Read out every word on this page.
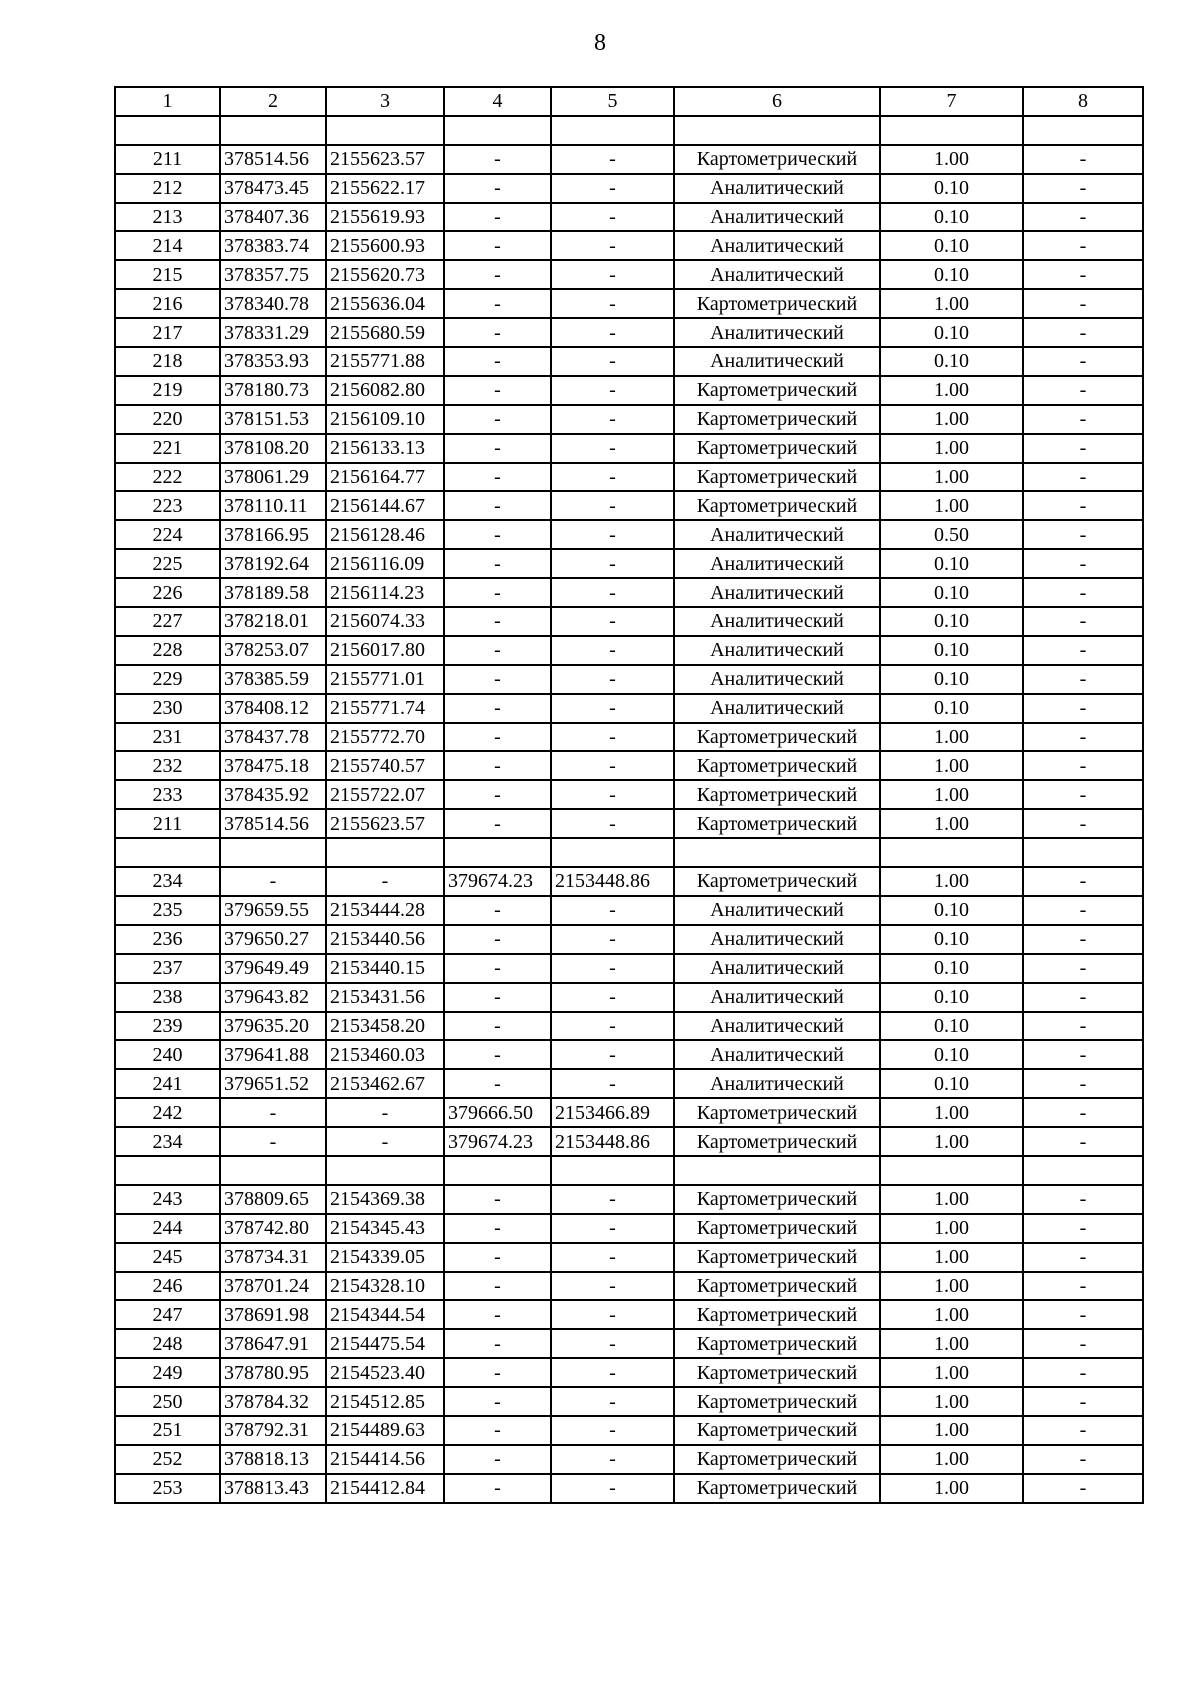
8
1	2	3	4	5	6	7	8

211	378514.56	2155623.57	-	-	Картометрический	1.00	-
212	378473.45	2155622.17	-	-	Аналитический	0.10	-
213	378407.36	2155619.93	-	-	Аналитический	0.10	-
214	378383.74	2155600.93	-	-	Аналитический	0.10	-
215	378357.75	2155620.73	-	-	Аналитический	0.10	-
216	378340.78	2155636.04	-	-	Картометрический	1.00	-
217	378331.29	2155680.59	-	-	Аналитический	0.10	-
218	378353.93	2155771.88	-	-	Аналитический	0.10	-
219	378180.73	2156082.80	-	-	Картометрический	1.00	-
220	378151.53	2156109.10	-	-	Картометрический	1.00	-
221	378108.20	2156133.13	-	-	Картометрический	1.00	-
222	378061.29	2156164.77	-	-	Картометрический	1.00	-
223	378110.11	2156144.67	-	-	Картометрический	1.00	-
224	378166.95	2156128.46	-	-	Аналитический	0.50	-
225	378192.64	2156116.09	-	-	Аналитический	0.10	-
226	378189.58	2156114.23	-	-	Аналитический	0.10	-
227	378218.01	2156074.33	-	-	Аналитический	0.10	-
228	378253.07	2156017.80	-	-	Аналитический	0.10	-
229	378385.59	2155771.01	-	-	Аналитический	0.10	-
230	378408.12	2155771.74	-	-	Аналитический	0.10	-
231	378437.78	2155772.70	-	-	Картометрический	1.00	-
232	378475.18	2155740.57	-	-	Картометрический	1.00	-
233	378435.92	2155722.07	-	-	Картометрический	1.00	-
211	378514.56	2155623.57	-	-	Картометрический	1.00	-

234	-	-	379674.23	2153448.86	Картометрический	1.00	-
235	379659.55	2153444.28	-	-	Аналитический	0.10	-
236	379650.27	2153440.56	-	-	Аналитический	0.10	-
237	379649.49	2153440.15	-	-	Аналитический	0.10	-
238	379643.82	2153431.56	-	-	Аналитический	0.10	-
239	379635.20	2153458.20	-	-	Аналитический	0.10	-
240	379641.88	2153460.03	-	-	Аналитический	0.10	-
241	379651.52	2153462.67	-	-	Аналитический	0.10	-
242	-	-	379666.50	2153466.89	Картометрический	1.00	-
234	-	-	379674.23	2153448.86	Картометрический	1.00	-

243	378809.65	2154369.38	-	-	Картометрический	1.00	-
244	378742.80	2154345.43	-	-	Картометрический	1.00	-
245	378734.31	2154339.05	-	-	Картометрический	1.00	-
246	378701.24	2154328.10	-	-	Картометрический	1.00	-
247	378691.98	2154344.54	-	-	Картометрический	1.00	-
248	378647.91	2154475.54	-	-	Картометрический	1.00	-
249	378780.95	2154523.40	-	-	Картометрический	1.00	-
250	378784.32	2154512.85	-	-	Картометрический	1.00	-
251	378792.31	2154489.63	-	-	Картометрический	1.00	-
252	378818.13	2154414.56	-	-	Картометрический	1.00	-
253	378813.43	2154412.84	-	-	Картометрический	1.00	-
